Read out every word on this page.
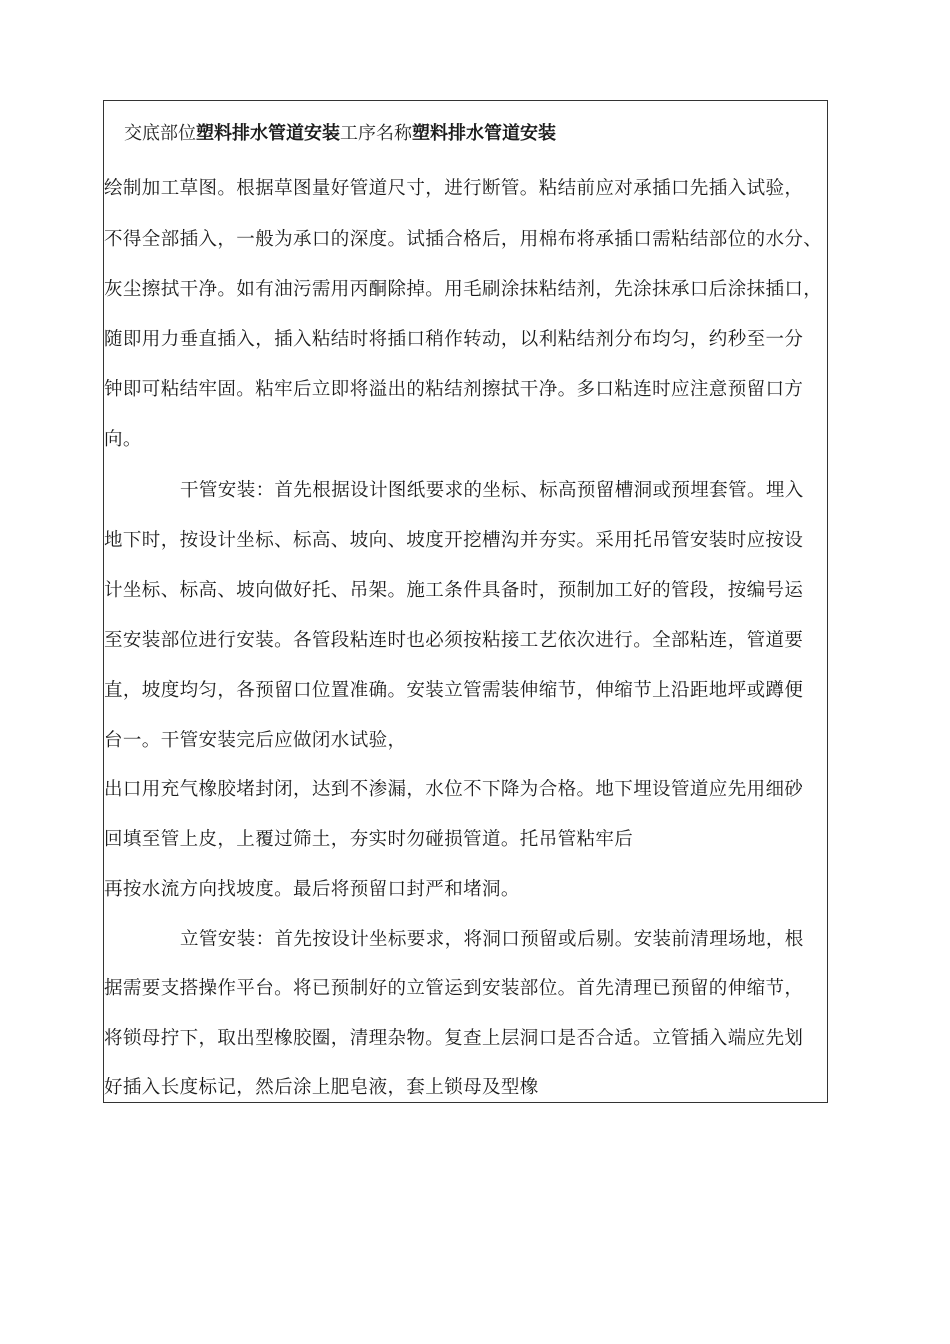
交底部位塑料排水管道安装工序名称塑料排水管道安装
绘制加工草图。根据草图量好管道尺寸，进行断管。粘结前应对承插口先插入试验，
不得全部插入，一般为承口的深度。试插合格后，用棉布将承插口需粘结部位的水分、
灰尘擦拭干净。如有油污需用丙酮除掉。用毛刷涂抹粘结剂，先涂抹承口后涂抹插口，
随即用力垂直插入，插入粘结时将插口稍作转动，以利粘结剂分布均匀，约秒至一分
钟即可粘结牢固。粘牢后立即将溢出的粘结剂擦拭干净。多口粘连时应注意预留口方
向。
干管安装：首先根据设计图纸要求的坐标、标高预留槽洞或预埋套管。埋入
地下时，按设计坐标、标高、坡向、坡度开挖槽沟并夯实。采用托吊管安装时应按设
计坐标、标高、坡向做好托、吊架。施工条件具备时，预制加工好的管段，按编号运
至安装部位进行安装。各管段粘连时也必须按粘接工艺依次进行。全部粘连，管道要
直，坡度均匀，各预留口位置准确。安装立管需装伸缩节，伸缩节上沿距地坪或蹲便
台一。干管安装完后应做闭水试验，
出口用充气橡胶堵封闭，达到不渗漏，水位不下降为合格。地下埋设管道应先用细砂
回填至管上皮，上覆过筛土，夯实时勿碰损管道。托吊管粘牢后
再按水流方向找坡度。最后将预留口封严和堵洞。
立管安装：首先按设计坐标要求，将洞口预留或后剔。安装前清理场地，根
据需要支搭操作平台。将已预制好的立管运到安装部位。首先清理已预留的伸缩节，
将锁母拧下，取出型橡胶圈，清理杂物。复查上层洞口是否合适。立管插入端应先划
好插入长度标记，然后涂上肥皂液，套上锁母及型橡
